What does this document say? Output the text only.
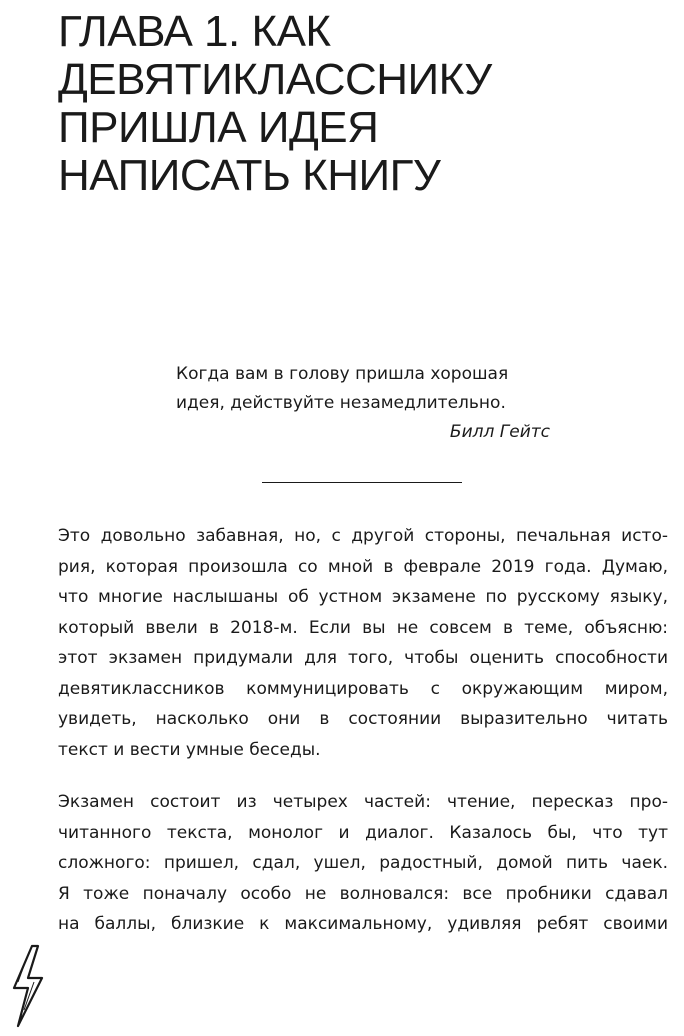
ГЛАВА 1. КАК
ДЕВЯТИКЛАССНИКУ
ПРИШЛА ИДЕЯ
НАПИСАТЬ КНИГУ
Когда вам в голову пришла хорошая
идея, действуйте незамедлительно.
Билл Гейтс

Это довольно забавная, но, с другой стороны, печальная исто-
рия, которая произошла со мной в феврале 2019 года. Думаю,
что многие наслышаны об устном экзамене по русскому языку,
который ввели в 2018-м. Если вы не совсем в теме, объясню:
этот экзамен придумали для того, чтобы оценить способности
девятиклассников коммуницировать с окружающим миром,
увидеть, насколько они в состоянии выразительно читать
текст и вести умные беседы.

Экзамен состоит из четырех частей: чтение, пересказ про-
читанного текста, монолог и диалог. Казалось бы, что тут
сложного: пришел, сдал, ушел, радостный, домой пить чаек.
Я тоже поначалу особо не волновался: все пробники сдавал
на баллы, близкие к максимальному, удивляя ребят своими
